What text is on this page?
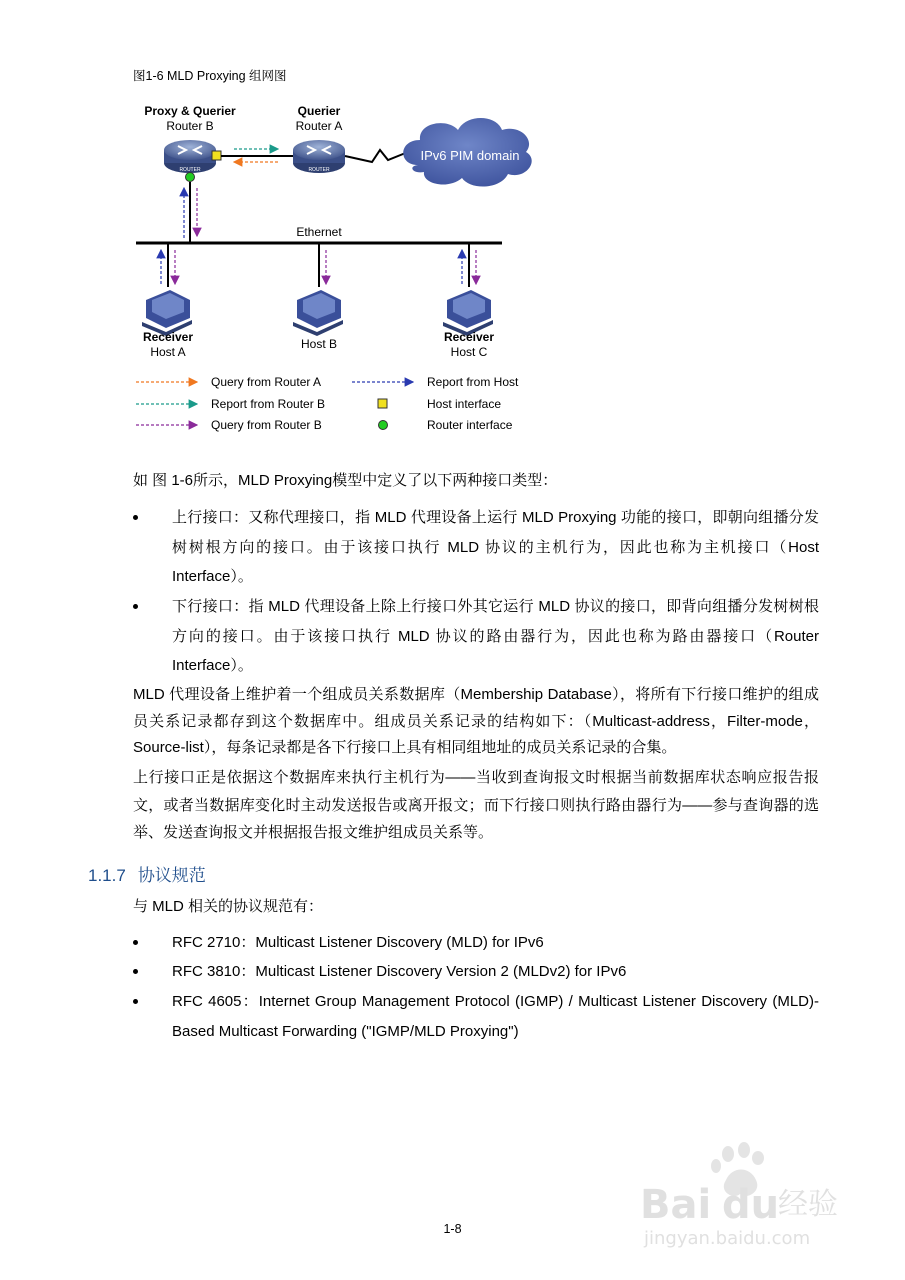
图1-6 MLD Proxying 组网图
Proxy & Querier
Router B
Querier
Router A
ROUTER	ROUTER
IPv6 PIM domain
Ethernet
Receiver
Host A
Host B	Receiver
Host C
Query from Router A
Report from Router B
Query from Router B
Report from Host
Host interface
Router interface
如 图 1-6所示，MLD Proxying模型中定义了以下两种接口类型：
上行接口：又称代理接口，指 MLD 代理设备上运行 MLD Proxying 功能的接口，即朝向组播分发树树根方向的接口。由于该接口执行 MLD 协议的主机行为，因此也称为主机接口（Host Interface）。
下行接口：指 MLD 代理设备上除上行接口外其它运行 MLD 协议的接口，即背向组播分发树树根方向的接口。由于该接口执行 MLD 协议的路由器行为，因此也称为路由器接口（Router Interface）。
MLD 代理设备上维护着一个组成员关系数据库（Membership Database），将所有下行接口维护的组成员关系记录都存到这个数据库中。组成员关系记录的结构如下：（Multicast-address，Filter-mode，Source-list），每条记录都是各下行接口上具有相同组地址的成员关系记录的合集。
上行接口正是依据这个数据库来执行主机行为——当收到查询报文时根据当前数据库状态响应报告报文，或者当数据库变化时主动发送报告或离开报文；而下行接口则执行路由器行为——参与查询器的选举、发送查询报文并根据报告报文维护组成员关系等。
1.1.7 协议规范
与 MLD 相关的协议规范有：
RFC 2710：Multicast Listener Discovery (MLD) for IPv6
RFC 3810：Multicast Listener Discovery Version 2 (MLDv2) for IPv6
RFC 4605：Internet Group Management Protocol (IGMP) / Multicast Listener Discovery (MLD)-Based Multicast Forwarding ("IGMP/MLD Proxying")
1-8
Bai du
经验
jingyan.baidu.com
